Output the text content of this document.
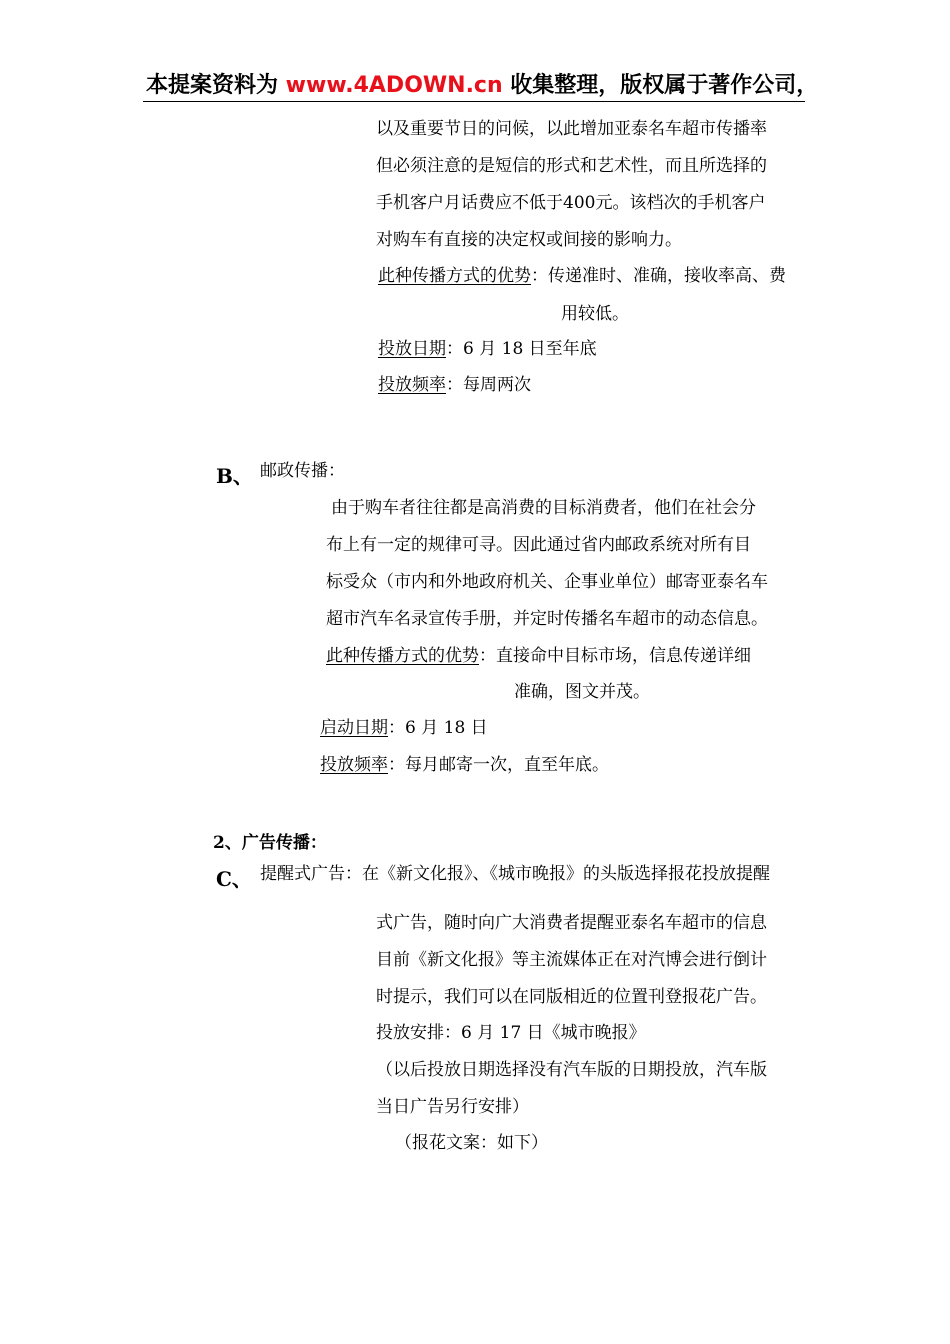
本提案资料为 www.4ADOWN.cn 收集整理，版权属于著作公司，
以及重要节日的问候，以此增加亚泰名车超市传播率
但必须注意的是短信的形式和艺术性，而且所选择的
手机客户月话费应不低于400元。该档次的手机客户
对购车有直接的决定权或间接的影响力。
此种传播方式的优势：传递准时、准确，接收率高、费
用较低。
投放日期：6 月 18 日至年底
投放频率：每周两次
B、 邮政传播：
由于购车者往往都是高消费的目标消费者，他们在社会分
布上有一定的规律可寻。因此通过省内邮政系统对所有目
标受众（市内和外地政府机关、企事业单位）邮寄亚泰名车
超市汽车名录宣传手册，并定时传播名车超市的动态信息。
此种传播方式的优势：直接命中目标市场，信息传递详细
准确，图文并茂。
启动日期：6 月 18 日
投放频率：每月邮寄一次，直至年底。
2、广告传播：
C、 提醒式广告：在《新文化报》、《城市晚报》的头版选择报花投放提醒
式广告，随时向广大消费者提醒亚泰名车超市的信息
目前《新文化报》等主流媒体正在对汽博会进行倒计
时提示，我们可以在同版相近的位置刊登报花广告。
投放安排：6 月 17 日《城市晚报》
（以后投放日期选择没有汽车版的日期投放，汽车版
当日广告另行安排）
（报花文案：如下）
